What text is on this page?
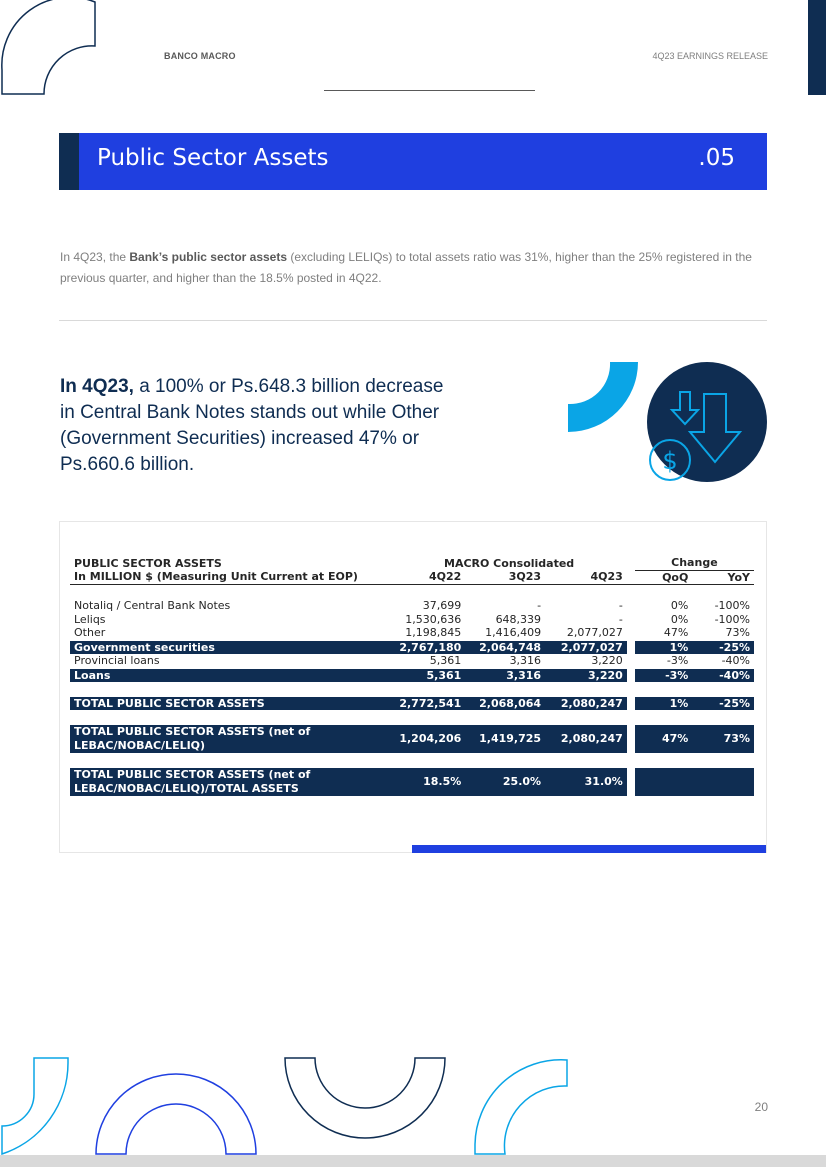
BANCO MACRO	4Q23 EARNINGS RELEASE
Public Sector Assets	.05

In 4Q23, the Bank’s public sector assets (excluding LELIQs) to total assets ratio was 31%, higher than the 25% registered in the previous quarter, and higher than the 18.5% posted in 4Q22.

In 4Q23, a 100% or Ps.648.3 billion decrease in Central Bank Notes stands out while Other (Government Securities) increased 47% or Ps.660.6 billion.	$
PUBLIC SECTOR ASSETS	MACRO Consolidated				Change	
In MILLION $ (Measuring Unit Current at EOP)	4Q22	3Q23	4Q23		QoQ	YoY

Notaliq / Central Bank Notes	37,699	-	-		0%	-100%
Leliqs	1,530,636	648,339	-		0%	-100%
Other	1,198,845	1,416,409	2,077,027		47%	73%
Government securities	2,767,180	2,064,748	2,077,027		1%	-25%
Provincial loans	5,361	3,316	3,220		-3%	-40%
Loans	5,361	3,316	3,220		-3%	-40%

TOTAL PUBLIC SECTOR ASSETS	2,772,541	2,068,064	2,080,247		1%	-25%

TOTAL PUBLIC SECTOR ASSETS (net of LEBAC/NOBAC/LELIQ)	1,204,206	1,419,725	2,080,247		47%	73%

TOTAL PUBLIC SECTOR ASSETS (net of LEBAC/NOBAC/LELIQ)/TOTAL ASSETS	18.5%	25.0%	31.0%			
20
